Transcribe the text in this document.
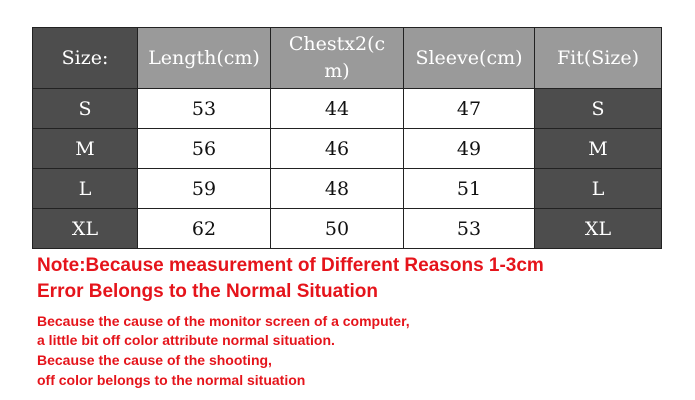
Size:	Length(cm)	Chestx2(c
m)	Sleeve(cm)	Fit(Size)
S	53	44	47	S
M	56	46	49	M
L	59	48	51	L
XL	62	50	53	XL
Note:Because measurement of Different Reasons 1-3cm
Error Belongs to the Normal Situation
Because the cause of the monitor screen of a computer,
a little bit off color attribute normal situation.
Because the cause of the shooting,
off color belongs to the normal situation
